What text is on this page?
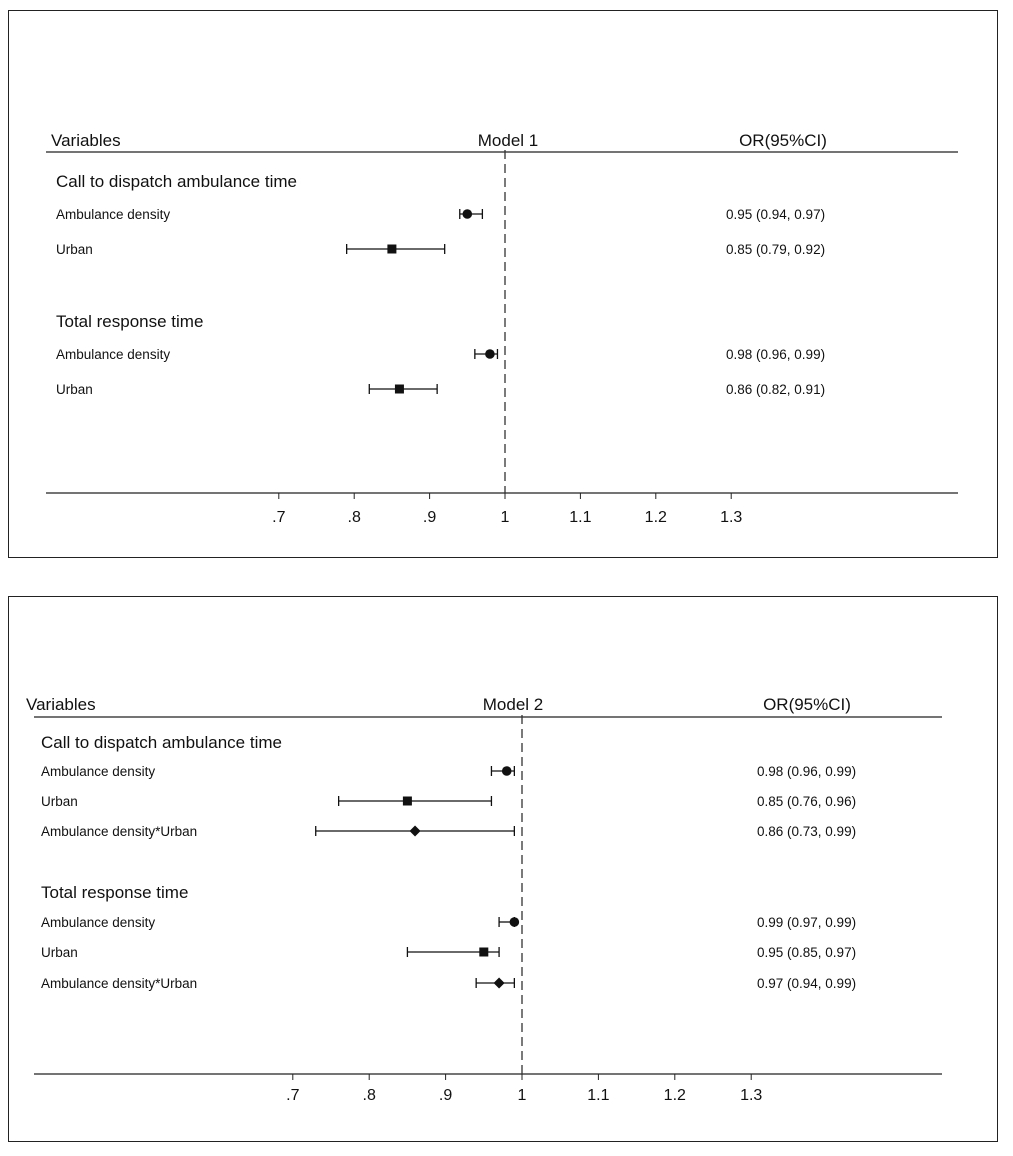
Variables	Model 1	OR(95%CI)
.7	.8	.9	1	1.1	1.2	1.3
Call to dispatch ambulance time
Ambulance density	0.95 (0.94, 0.97)
Urban	0.85 (0.79, 0.92)
Total response time
Ambulance density	0.98 (0.96, 0.99)
Urban	0.86 (0.82, 0.91)
Variables	Model 2	OR(95%CI)
.7	.8	.9	1	1.1	1.2	1.3
Call to dispatch ambulance time
Ambulance density	0.98 (0.96, 0.99)
Urban	0.85 (0.76, 0.96)
Ambulance density*Urban	0.86 (0.73, 0.99)
Total response time
Ambulance density	0.99 (0.97, 0.99)
Urban	0.95 (0.85, 0.97)
Ambulance density*Urban	0.97 (0.94, 0.99)
